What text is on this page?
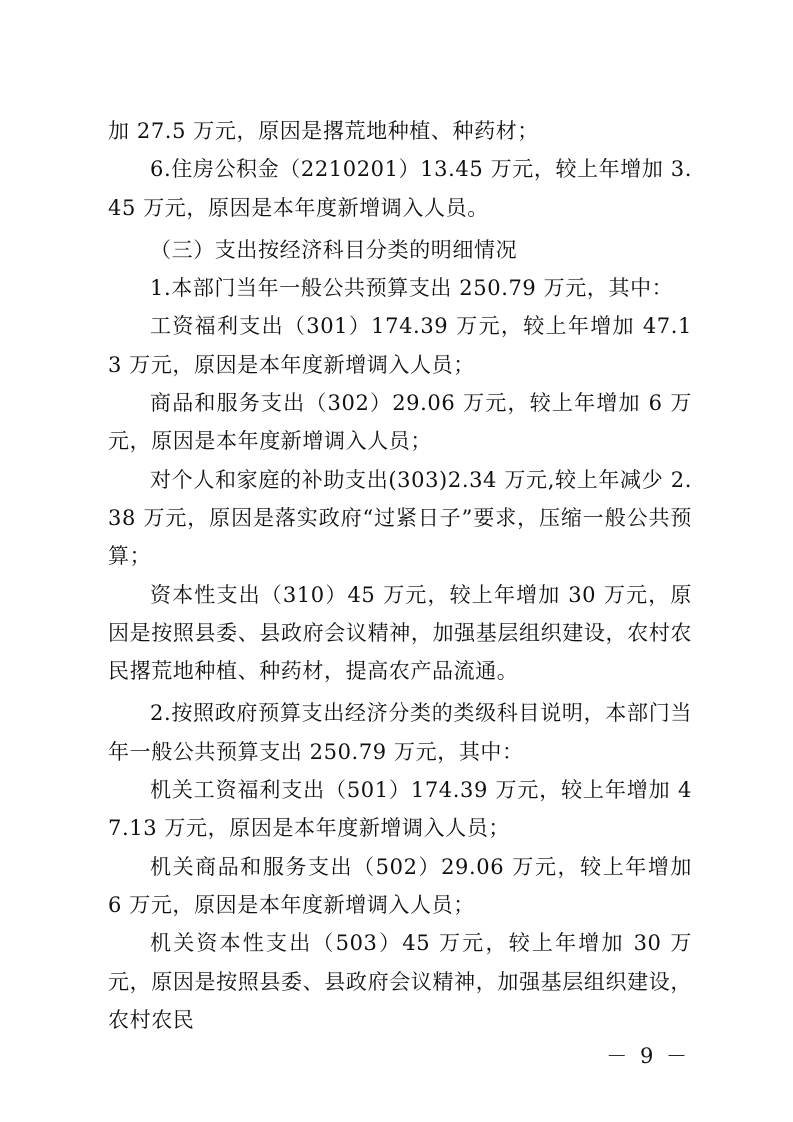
加 27.5 万元，原因是撂荒地种植、种药材；

6.住房公积金（2210201）13.45 万元，较上年增加 3.45 万元，原因是本年度新增调入人员。

（三）支出按经济科目分类的明细情况

1.本部门当年一般公共预算支出 250.79 万元，其中：

工资福利支出（301）174.39 万元，较上年增加 47.13 万元，原因是本年度新增调入人员；

商品和服务支出（302）29.06 万元，较上年增加 6 万元，原因是本年度新增调入人员；

对个人和家庭的补助支出(303)2.34 万元,较上年减少 2.38 万元，原因是落实政府“过紧日子”要求，压缩一般公共预算；

资本性支出（310）45 万元，较上年增加 30 万元，原因是按照县委、县政府会议精神，加强基层组织建设，农村农民撂荒地种植、种药材，提高农产品流通。

2.按照政府预算支出经济分类的类级科目说明，本部门当年一般公共预算支出 250.79 万元，其中：

机关工资福利支出（501）174.39 万元，较上年增加 47.13 万元，原因是本年度新增调入人员；

机关商品和服务支出（502）29.06 万元，较上年增加 6 万元，原因是本年度新增调入人员；

机关资本性支出（503）45 万元，较上年增加 30 万元，原因是按照县委、县政府会议精神，加强基层组织建设，农村农民

－ 9 －
